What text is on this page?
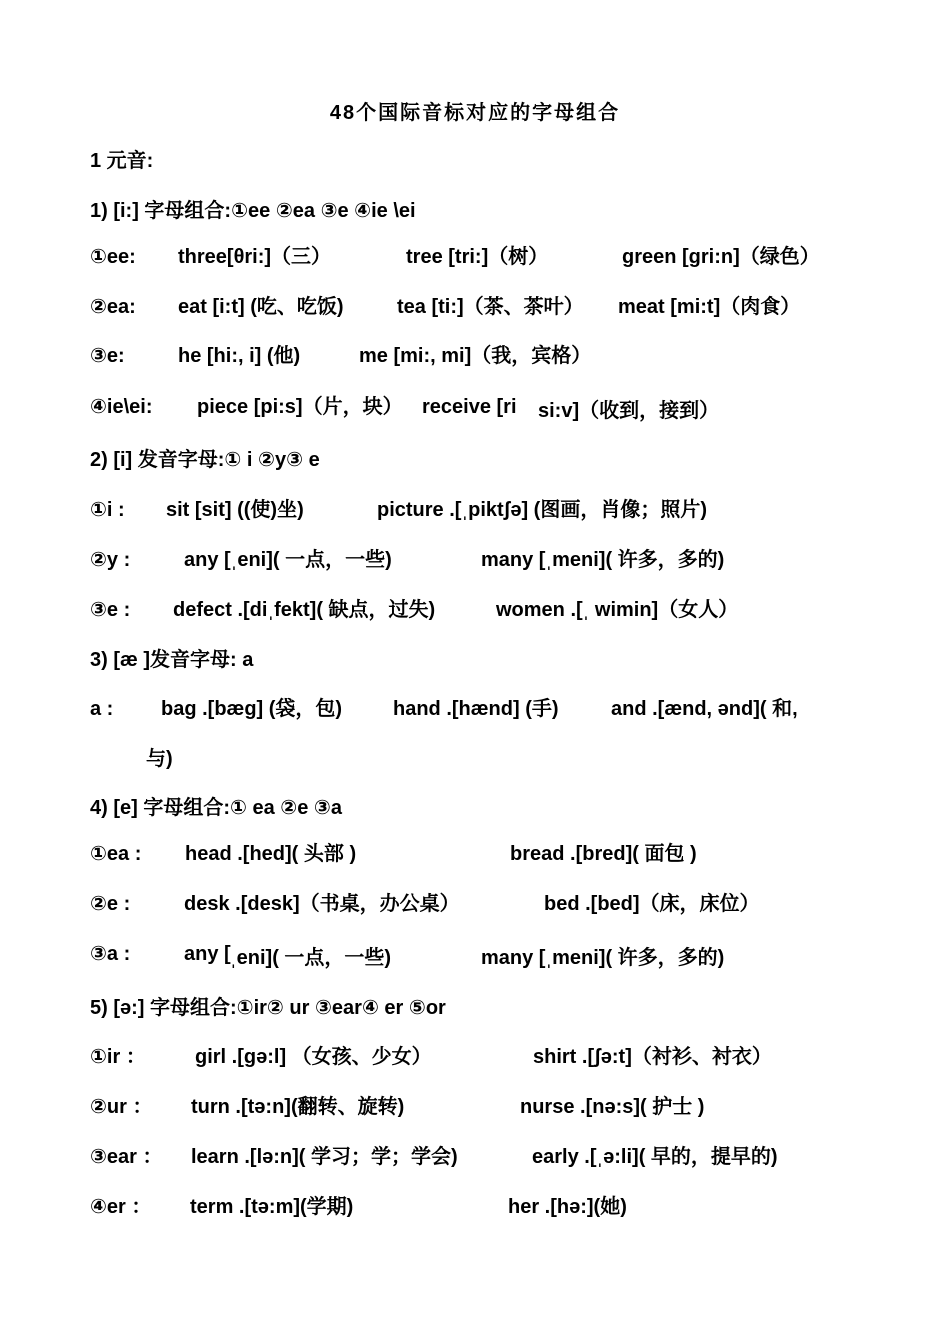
48个国际音标对应的字母组合
1 元音:
1) [i:] 字母组合:①ee ②ea ③e ④ie \ei
①ee: three[θri:]（三）	tree [tri:]（树）	green [gri:n]（绿色）
②ea: eat [i:t] (吃、吃饭)	tea [ti:]（茶、茶叶） meat [mi:t]（肉食）
③e:	he [hi:, i] (他)	me [mi:, mi]（我，宾格）
④ie\ei: piece [pi:s]（片，块） receive [ri si:v]（收到，接到）
2) [i] 发音字母:① i ②y③ e
①i : sit [sit] ((使)坐)	picture .[ˌpiktʃə] (图画，肖像；照片)
②y :	any [ˌeni]( 一点，一些)	many [ˌmeni]( 许多，多的)
③e : defect .[diˌfekt]( 缺点，过失)	women .[ˌ wimin]（女人）
3) [æ ]发音字母: a
a : bag .[bæg] (袋，包)	hand .[hænd] (手)	and .[ænd, ənd]( 和,
与)
4) [e] 字母组合:① ea ②e ③a
①ea : head .[hed]( 头部 )	bread .[bred]( 面包 )
②e :	desk .[desk]（书桌，办公桌）	bed .[bed]（床，床位）
③a :	any [ ˌeni]( 一点，一些)	many [ˌmeni]( 许多，多的)
5) [ə:] 字母组合:①ir② ur ③ear④ er ⑤or
①ir ： girl .[gə:l] （女孩、少女）	shirt .[ʃə:t]（衬衫、衬衣）
②ur ： turn .[tə:n](翻转、旋转)	nurse .[nə:s]( 护士 )
③ear ： learn .[lə:n]( 学习；学；学会)	early .[ˌə:li]( 早的，提早的)
④er ： term .[tə:m](学期)	her .[hə:](她)
